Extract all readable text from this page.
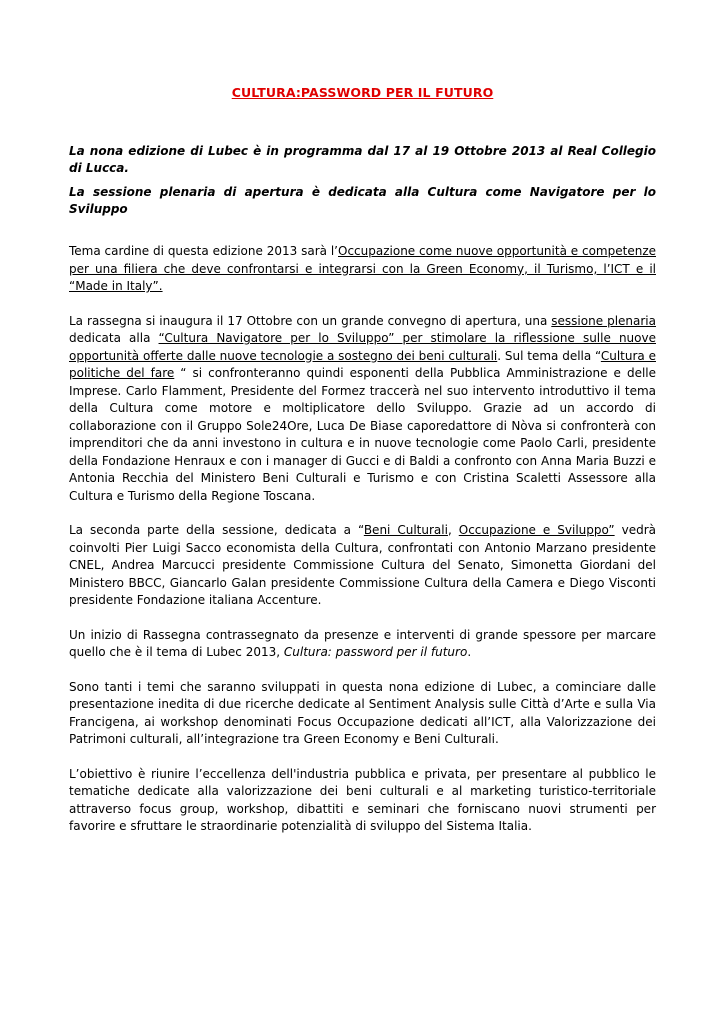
CULTURA:PASSWORD PER IL FUTURO

La nona edizione di Lubec è in programma dal 17 al 19 Ottobre 2013 al Real Collegio di Lucca.

La sessione plenaria di apertura è dedicata alla Cultura come Navigatore per lo Sviluppo

Tema cardine di questa edizione 2013 sarà l’Occupazione come nuove opportunità e competenze per una filiera che deve confrontarsi e integrarsi con la Green Economy, il Turismo, l’ICT e il “Made in Italy”.

La rassegna si inaugura il 17 Ottobre con un grande convegno di apertura, una sessione plenaria dedicata alla “Cultura Navigatore per lo Sviluppo” per stimolare la riflessione sulle nuove opportunità offerte dalle nuove tecnologie a sostegno dei beni culturali. Sul tema della “Cultura e politiche del fare “ si confronteranno quindi esponenti della Pubblica Amministrazione e delle Imprese. Carlo Flamment, Presidente del Formez traccerà nel suo intervento introduttivo il tema della Cultura come motore e moltiplicatore dello Sviluppo. Grazie ad un accordo di collaborazione con il Gruppo Sole24Ore, Luca De Biase caporedattore di Nòva si confronterà con imprenditori che da anni investono in cultura e in nuove tecnologie come Paolo Carli, presidente della Fondazione Henraux e con i manager di Gucci e di Baldi a confronto con Anna Maria Buzzi e Antonia Recchia del Ministero Beni Culturali e Turismo e con Cristina Scaletti Assessore alla Cultura e Turismo della Regione Toscana.

La seconda parte della sessione, dedicata a “Beni Culturali, Occupazione e Sviluppo” vedrà coinvolti Pier Luigi Sacco economista della Cultura, confrontati con Antonio Marzano presidente CNEL, Andrea Marcucci presidente Commissione Cultura del Senato, Simonetta Giordani del Ministero BBCC, Giancarlo Galan presidente Commissione Cultura della Camera e Diego Visconti presidente Fondazione italiana Accenture.

Un inizio di Rassegna contrassegnato da presenze e interventi di grande spessore per marcare quello che è il tema di Lubec 2013, Cultura: password per il futuro.

Sono tanti i temi che saranno sviluppati in questa nona edizione di Lubec, a cominciare dalle presentazione inedita di due ricerche dedicate al Sentiment Analysis sulle Città d’Arte e sulla Via Francigena, ai workshop denominati Focus Occupazione dedicati all’ICT, alla Valorizzazione dei Patrimoni culturali, all’integrazione tra Green Economy e Beni Culturali.

L’obiettivo è riunire l’eccellenza dell'industria pubblica e privata, per presentare al pubblico le tematiche dedicate alla valorizzazione dei beni culturali e al marketing turistico-territoriale attraverso focus group, workshop, dibattiti e seminari che forniscano nuovi strumenti per favorire e sfruttare le straordinarie potenzialità di sviluppo del Sistema Italia.
